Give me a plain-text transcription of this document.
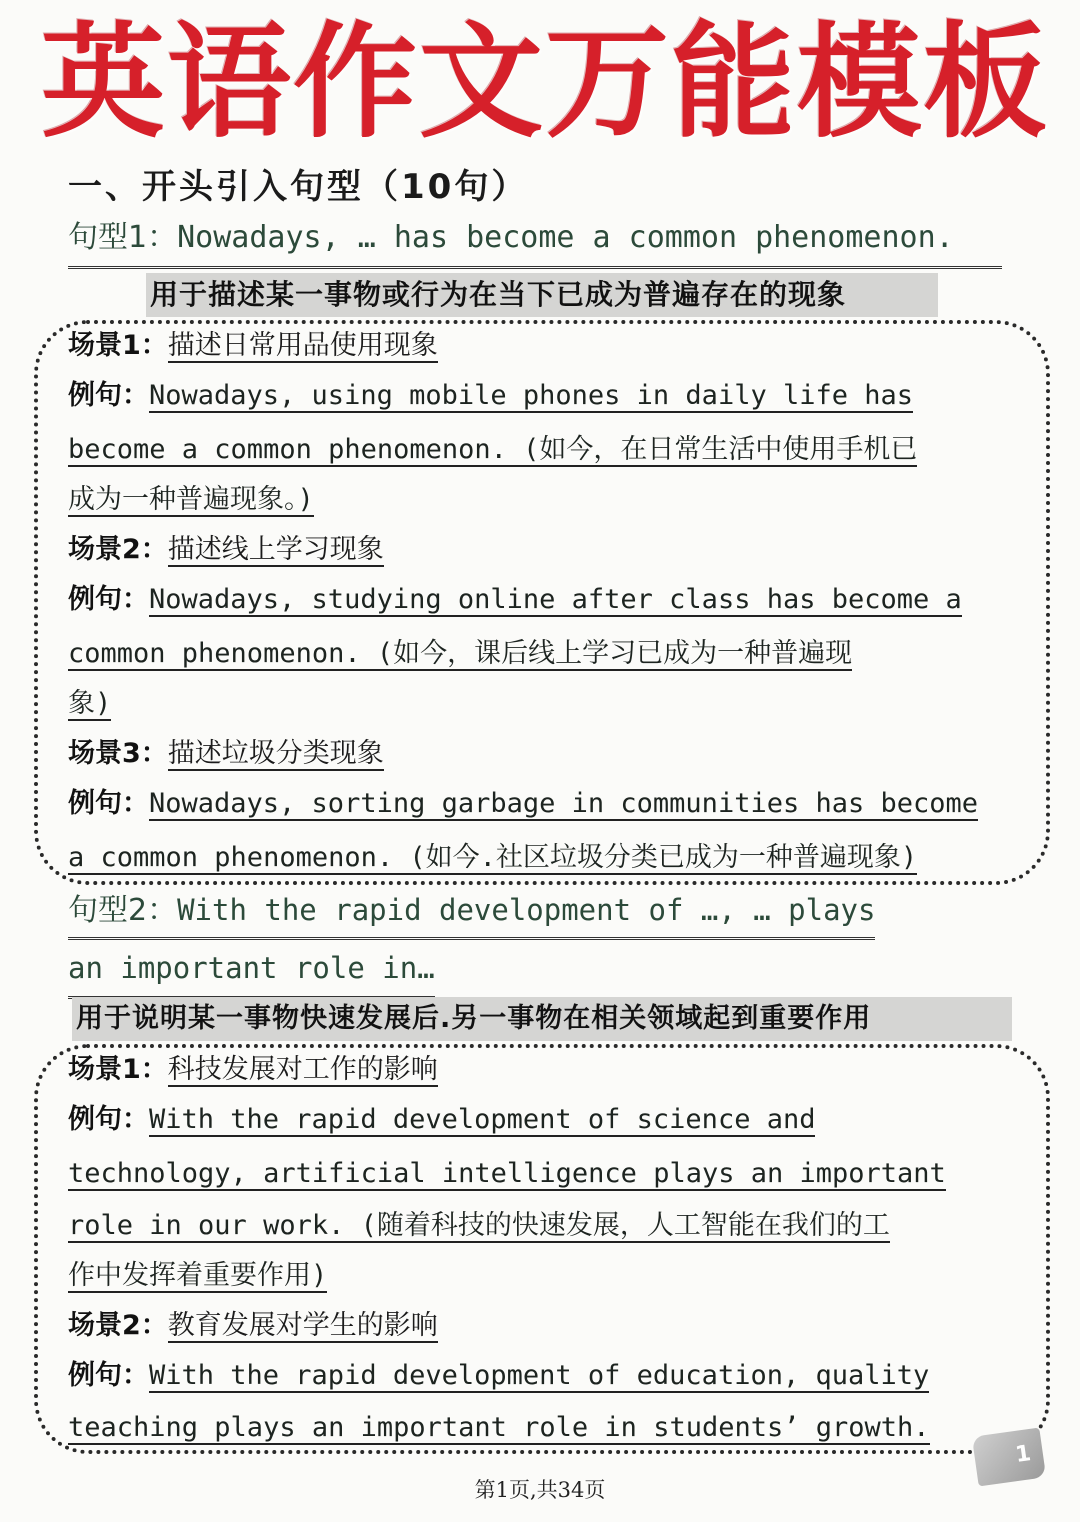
英语作文万能模板
一、开头引入句型（10句）
句型1：Nowadays, … has become a common phenomenon.
用于描述某一事物或行为在当下已成为普遍存在的现象
场景1：描述日常用品使用现象
例句：Nowadays, using mobile phones in daily life has
become a common phenomenon. (如今，在日常生活中使用手机已
成为一种普遍现象。)
场景2：描述线上学习现象
例句：Nowadays, studying online after class has become a
common phenomenon. (如今，课后线上学习已成为一种普遍现
象)
场景3：描述垃圾分类现象
例句：Nowadays, sorting garbage in communities has become
a common phenomenon. (如今.社区垃圾分类已成为一种普遍现象)
句型2：With the rapid development of …, … plays
an important role in…
用于说明某一事物快速发展后.另一事物在相关领域起到重要作用
场景1：科技发展对工作的影响
例句：With the rapid development of science and
technology, artificial intelligence plays an important
role in our work. (随着科技的快速发展，人工智能在我们的工
作中发挥着重要作用)
场景2：教育发展对学生的影响
例句：With the rapid development of education, quality
teaching plays an important role in students’ growth.
1
第1页,共34页
